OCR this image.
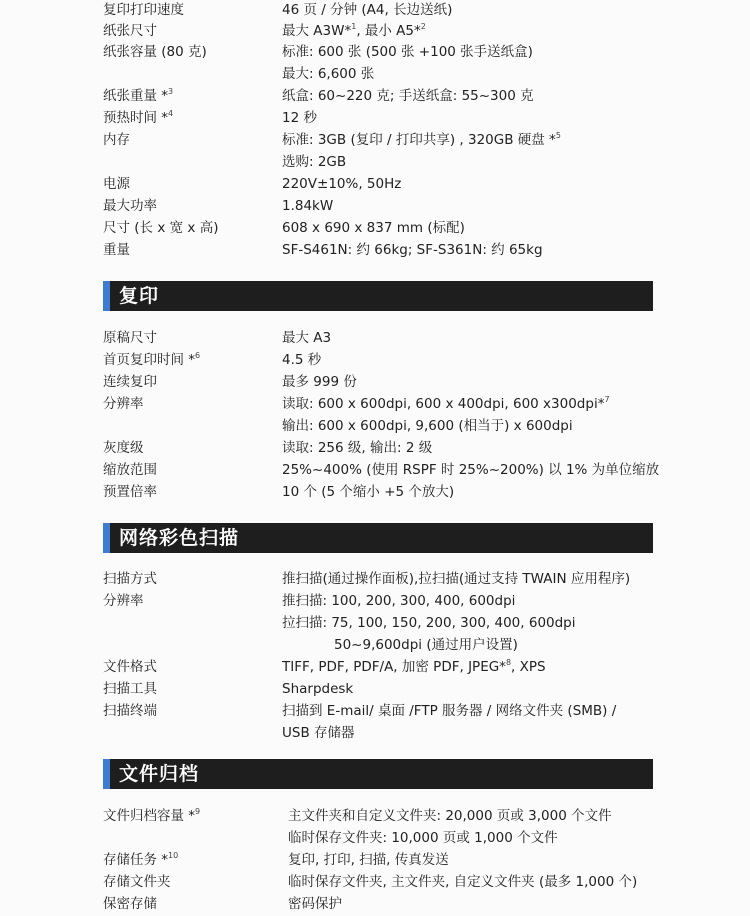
复印打印速度	46 页 / 分钟 (A4, 长边送纸)
纸张尺寸	最大 A3W*$^1$, 最小 A5*$^2$
纸张容量 (80 克)	标准: 600 张 (500 张 +100 张手送纸盒)
最大: 6,600 张
纸张重量 *$^3$	纸盒: 60~220 克; 手送纸盒: 55~300 克
预热时间 *$^4$	12 秒
内存	标准: 3GB (复印 / 打印共享) , 320GB 硬盘 *$^5$
选购: 2GB
电源	220V±10%, 50Hz
最大功率	1.84kW
尺寸 (长 x 宽 x 高)	608 x 690 x 837 mm (标配)
重量	SF-S461N: 约 66kg; SF-S361N: 约 65kg
复印
原稿尺寸	最大 A3
首页复印时间 *$^6$	4.5 秒
连续复印	最多 999 份
分辨率	读取: 600 x 600dpi, 600 x 400dpi, 600 x300dpi*$^7$
输出: 600 x 600dpi, 9,600 (相当于) x 600dpi
灰度级	读取: 256 级, 输出: 2 级
缩放范围	25%~400% (使用 RSPF 时 25%~200%) 以 1% 为单位缩放
预置倍率	10 个 (5 个缩小 +5 个放大)
网络彩色扫描
扫描方式	推扫描(通过操作面板),拉扫描(通过支持 TWAIN 应用程序)
分辨率	推扫描: 100, 200, 300, 400, 600dpi
拉扫描: 75, 100, 150, 200, 300, 400, 600dpi
50~9,600dpi (通过用户设置)
文件格式	TIFF, PDF, PDF/A, 加密 PDF, JPEG*$^8$, XPS
扫描工具	Sharpdesk
扫描终端	扫描到 E-mail/ 桌面 /FTP 服务器 / 网络文件夹 (SMB) /
USB 存储器
文件归档
文件归档容量 *$^9$	主文件夹和自定义文件夹: 20,000 页或 3,000 个文件
临时保存文件夹: 10,000 页或 1,000 个文件
存储任务 *$^{10}$	复印, 打印, 扫描, 传真发送
存储文件夹	临时保存文件夹, 主文件夹, 自定义文件夹 (最多 1,000 个)
保密存储	密码保护
